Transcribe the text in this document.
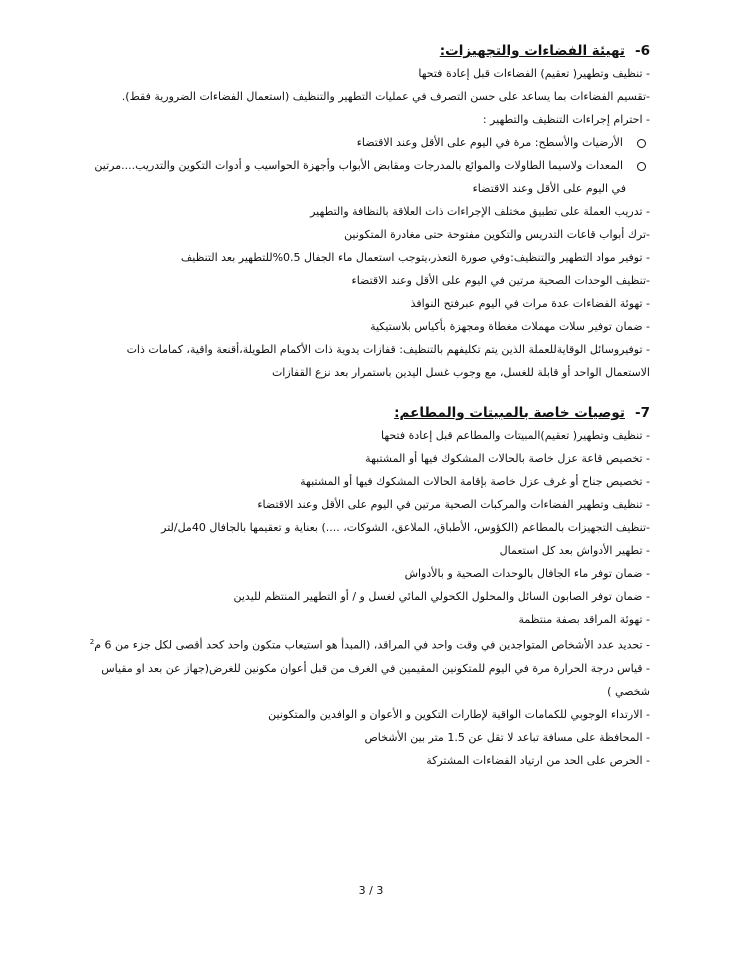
6-تهيئة الفضاءات والتجهيزات:
- تنظيف وتطهير( تعقيم) الفضاءات قبل إعادة فتحها
-تقسيم الفضاءات بما يساعد على حسن التصرف في عمليات التطهير والتنظيف (استعمال الفضاءات الضرورية فقط).
- احترام إجراءات التنظيف والتطهير :
الأرضيات والأسطح: مرة في اليوم على الأقل وعند الاقتضاء
المعدات ولاسيما الطاولات والموائع بالمدرجات ومقابض الأبواب وأجهزة الحواسيب و أدوات التكوين والتدريب....مرتين
في اليوم على الأقل وعند الاقتضاء
- تدريب العملة على تطبيق مختلف الإجراءات ذات العلاقة بالنظافة والتطهير
-ترك أبواب قاعات التدريس والتكوين مفتوحة حتى مغادرة المتكونين
- توفير مواد التطهير والتنظيف:وفي صورة التعذر،يتوجب استعمال ماء الجفال 0.5%للتطهير بعد التنظيف
-تنظيف الوحدات الصحية مرتين في اليوم على الأقل وعند الاقتضاء
- تهوئة الفضاءات عدة مرات في اليوم عبرفتح النوافذ
- ضمان توفير سلات مهملات مغطاة ومجهزة بأكياس بلاستيكية
- توفيروسائل الوقايةللعملة الذين يتم تكليفهم بالتنظيف: قفازات يدوية ذات الأكمام الطويلة،أقنعة واقية، كمامات ذات
الاستعمال الواحد أو قابلة للغسل، مع وجوب غسل اليدين باستمرار بعد نزع القفازات
7-توصيات خاصة بالمبيتات والمطاعم:
- تنظيف وتطهير( تعقيم)المبيتات والمطاعم قبل إعادة فتحها
- تخصيص قاعة عزل خاصة بالحالات المشكوك فيها أو المشتبهة
- تخصيص جناح أو غرف عزل خاصة بإقامة الحالات المشكوك فيها أو المشتبهة
- تنظيف وتطهير الفضاءات والمركبات الصحية مرتين في اليوم على الأقل وعند الاقتضاء
-تنظيف التجهيزات بالمطاعم (الكؤوس، الأطباق، الملاعق، الشوكات، ....) بعناية و تعقيمها بالجافال 40مل/لتر
- تطهير الأدواش بعد كل استعمال
- ضمان توفر ماء الجافال بالوحدات الصحية و بالأدواش
- ضمان توفر الصابون السائل والمحلول الكحولي المائي لغسل و / أو التطهير المنتظم لليدين
- تهوئة المراقد بصفة منتظمة
- تحديد عدد الأشخاص المتواجدين في وقت واحد في المراقد، (المبدأ هو استيعاب متكون واحد كحد أقصى لكل جزء من 6 م$^2$
- قياس درجة الحرارة مرة في اليوم للمتكونين المقيمين في الغرف من قبل أعوان مكونين للغرض(جهاز عن بعد او مقياس
شخصي )
- الارتداء الوجوبي للكمامات الواقية لإطارات التكوين و الأعوان و الوافدين والمتكونين
- المحافظة على مسافة تباعد لا تقل عن 1.5 متر بين الأشخاص
- الحرص على الحد من ارتياد الفضاءات المشتركة
3 / 3
